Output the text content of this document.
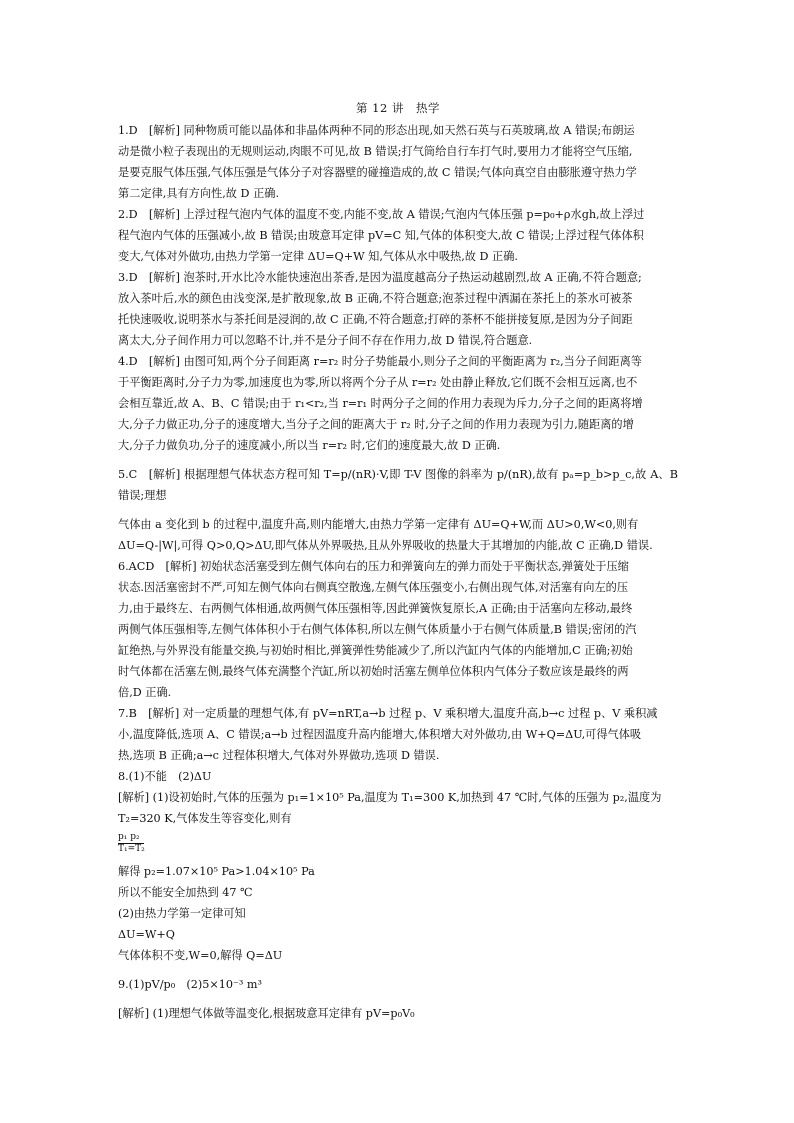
第 12 讲　热学

1.D　[解析] 同种物质可能以晶体和非晶体两种不同的形态出现,如天然石英与石英玻璃,故 A 错误;布朗运

动是微小粒子表现出的无规则运动,肉眼不可见,故 B 错误;打气筒给自行车打气时,要用力才能将空气压缩,

是要克服气体压强,气体压强是气体分子对容器壁的碰撞造成的,故 C 错误;气体向真空自由膨胀遵守热力学

第二定律,具有方向性,故 D 正确.

2.D　[解析] 上浮过程气泡内气体的温度不变,内能不变,故 A 错误;气泡内气体压强 p=p₀+ρ水gh,故上浮过

程气泡内气体的压强减小,故 B 错误;由玻意耳定律 pV=C 知,气体的体积变大,故 C 错误;上浮过程气体体积

变大,气体对外做功,由热力学第一定律 ΔU=Q+W 知,气体从水中吸热,故 D 正确.

3.D　[解析] 泡茶时,开水比冷水能快速泡出茶香,是因为温度越高分子热运动越剧烈,故 A 正确,不符合题意;

放入茶叶后,水的颜色由浅变深,是扩散现象,故 B 正确,不符合题意;泡茶过程中洒漏在茶托上的茶水可被茶

托快速吸收,说明茶水与茶托间是浸润的,故 C 正确,不符合题意;打碎的茶杯不能拼接复原,是因为分子间距

离太大,分子间作用力可以忽略不计,并不是分子间不存在作用力,故 D 错误,符合题意.

4.D　[解析] 由图可知,两个分子间距离 r=r₂ 时分子势能最小,则分子之间的平衡距离为 r₂,当分子间距离等

于平衡距离时,分子力为零,加速度也为零,所以将两个分子从 r=r₂ 处由静止释放,它们既不会相互远离,也不

会相互靠近,故 A、B、C 错误;由于 r₁<r₂,当 r=r₁ 时两分子之间的作用力表现为斥力,分子之间的距离将增

大,分子力做正功,分子的速度增大,当分子之间的距离大于 r₂ 时,分子之间的作用力表现为引力,随距离的增

大,分子力做负功,分子的速度减小,所以当 r=r₂ 时,它们的速度最大,故 D 正确.

5.C　[解析] 根据理想气体状态方程可知 T=p/(nR)·V,即 T-V 图像的斜率为 p/(nR),故有 pₐ=p_b>p_c,故 A、B 错误;理想

气体由 a 变化到 b 的过程中,温度升高,则内能增大,由热力学第一定律有 ΔU=Q+W,而 ΔU>0,W<0,则有

ΔU=Q-|W|,可得 Q>0,Q>ΔU,即气体从外界吸热,且从外界吸收的热量大于其增加的内能,故 C 正确,D 错误.

6.ACD　[解析] 初始状态活塞受到左侧气体向右的压力和弹簧向左的弹力而处于平衡状态,弹簧处于压缩

状态.因活塞密封不严,可知左侧气体向右侧真空散逸,左侧气体压强变小,右侧出现气体,对活塞有向左的压

力,由于最终左、右两侧气体相通,故两侧气体压强相等,因此弹簧恢复原长,A 正确;由于活塞向左移动,最终

两侧气体压强相等,左侧气体体积小于右侧气体体积,所以左侧气体质量小于右侧气体质量,B 错误;密闭的汽

缸绝热,与外界没有能量交换,与初始时相比,弹簧弹性势能减少了,所以汽缸内气体的内能增加,C 正确;初始

时气体都在活塞左侧,最终气体充满整个汽缸,所以初始时活塞左侧单位体积内气体分子数应该是最终的两

倍,D 正确.

7.B　[解析] 对一定质量的理想气体,有 pV=nRT,a→b 过程 p、V 乘积增大,温度升高,b→c 过程 p、V 乘积减

小,温度降低,选项 A、C 错误;a→b 过程因温度升高内能增大,体积增大对外做功,由 W+Q=ΔU,可得气体吸

热,选项 B 正确;a→c 过程体积增大,气体对外界做功,选项 D 错误.

8.(1)不能　(2)ΔU

[解析] (1)设初始时,气体的压强为 p₁=1×10⁵ Pa,温度为 T₁=300 K,加热到 47 ℃时,气体的压强为 p₂,温度为

T₂=320 K,气体发生等容变化,则有

p₁ p₂
T₁=T₂

解得 p₂=1.07×10⁵ Pa>1.04×10⁵ Pa

所以不能安全加热到 47 ℃

(2)由热力学第一定律可知

ΔU=W+Q

气体体积不变,W=0,解得 Q=ΔU

9.(1)pV/p₀　(2)5×10⁻³ m³

[解析] (1)理想气体做等温变化,根据玻意耳定律有 pV=p₀V₀
